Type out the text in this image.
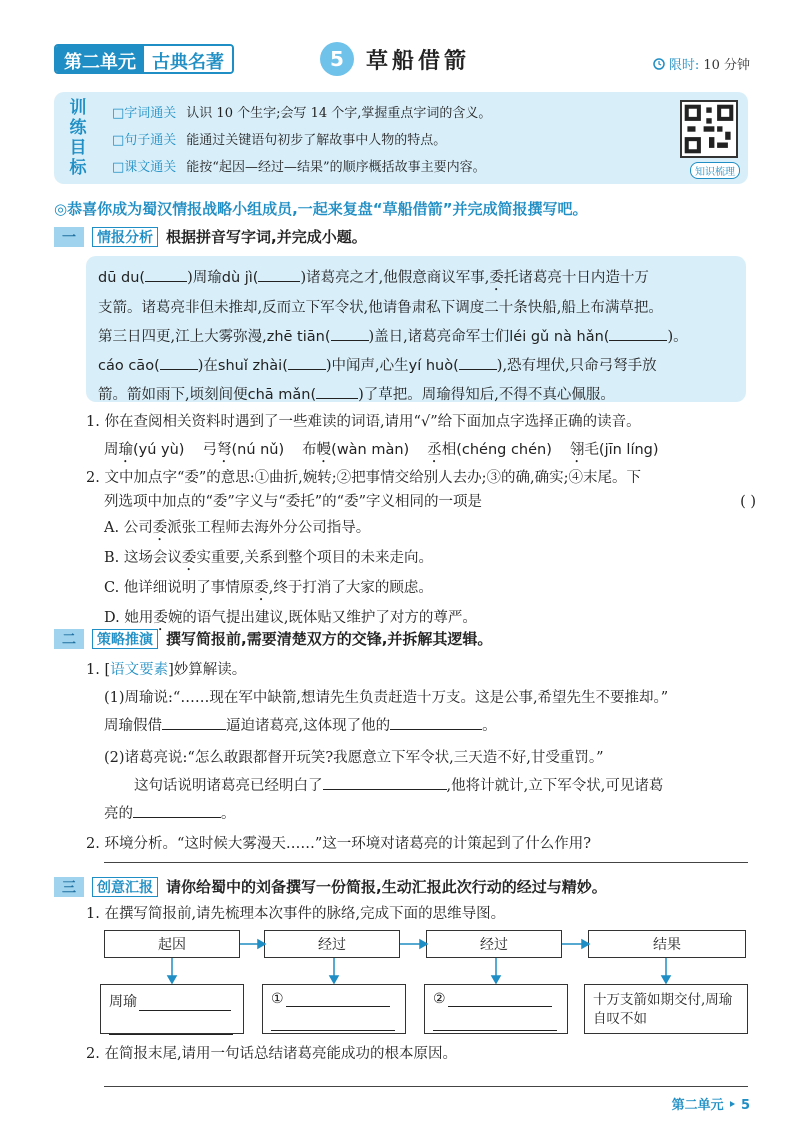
第二单元 古典名著	5	草船借箭	限时: 10 分钟
训
练
目
标
□字词通关 认识 10 个生字;会写 14 个字,掌握重点字词的含义。
□句子通关 能通过关键语句初步了解故事中人物的特点。
□课文通关 能按“起因—经过—结果”的顺序概括故事主要内容。	知识梳理
◎恭喜你成为蜀汉情报战略小组成员,一起来复盘“草船借箭”并完成简报撰写吧。
一	情报分析 根据拼音写字词,并完成小题。

dū du(	)周瑜dù jì(	)诸葛亮之才,他假意商议军事,委托诸葛亮十日内造十万

支箭。诸葛亮非但未推却,反而立下军令状,他请鲁肃私下调度二十条快船,船上布满草把。

第三日四更,江上大雾弥漫,zhē tiān(	)盖日,诸葛亮命军士们léi gǔ nà hǎn(	)。

cáo cāo(	)在shuǐ zhài(	)中闻声,心生yí huò(	),恐有埋伏,只命弓弩手放

箭。箭如雨下,顷刻间便chā mǎn(	)了草把。周瑜得知后,不得不真心佩服。

1. 你在查阅相关资料时遇到了一些难读的词语,请用“√”给下面加点字选择正确的读音。
周瑜(yú yù) 弓弩(nú nǔ) 布幔(wàn màn) 丞相(chéng chén) 翎毛(jīn líng)
2. 文中加点字“委”的意思:①曲折,婉转;②把事情交给别人去办;③的确,确实;④末尾。下
列选项中加点的“委”字义与“委托”的“委”字义相同的一项是	( )
A. 公司委派张工程师去海外分公司指导。
B. 这场会议委实重要,关系到整个项目的未来走向。
C. 他详细说明了事情原委,终于打消了大家的顾虑。
D. 她用委婉的语气提出建议,既体贴又维护了对方的尊严。
二	策略推演 撰写简报前,需要清楚双方的交锋,并拆解其逻辑。
1. [语文要素]妙算解读。
(1)周瑜说:“……现在军中缺箭,想请先生负责赶造十万支。这是公事,希望先生不要推却。”
周瑜假借	逼迫诸葛亮,这体现了他的	。
(2)诸葛亮说:“怎么敢跟都督开玩笑?我愿意立下军令状,三天造不好,甘受重罚。”
这句话说明诸葛亮已经明白了	,他将计就计,立下军令状,可见诸葛
亮的	。
2. 环境分析。“这时候大雾漫天……”这一环境对诸葛亮的计策起到了什么作用?
三	创意汇报 请你给蜀中的刘备撰写一份简报,生动汇报此次行动的经过与精妙。
1. 在撰写简报前,请先梳理本次事件的脉络,完成下面的思维导图。
起因	经过	经过	结果
周瑜	①	②	十万支箭如期交付,周瑜自叹不如
2. 在简报末尾,请用一句话总结诸葛亮能成功的根本原因。
第二单元 ‣ 5
